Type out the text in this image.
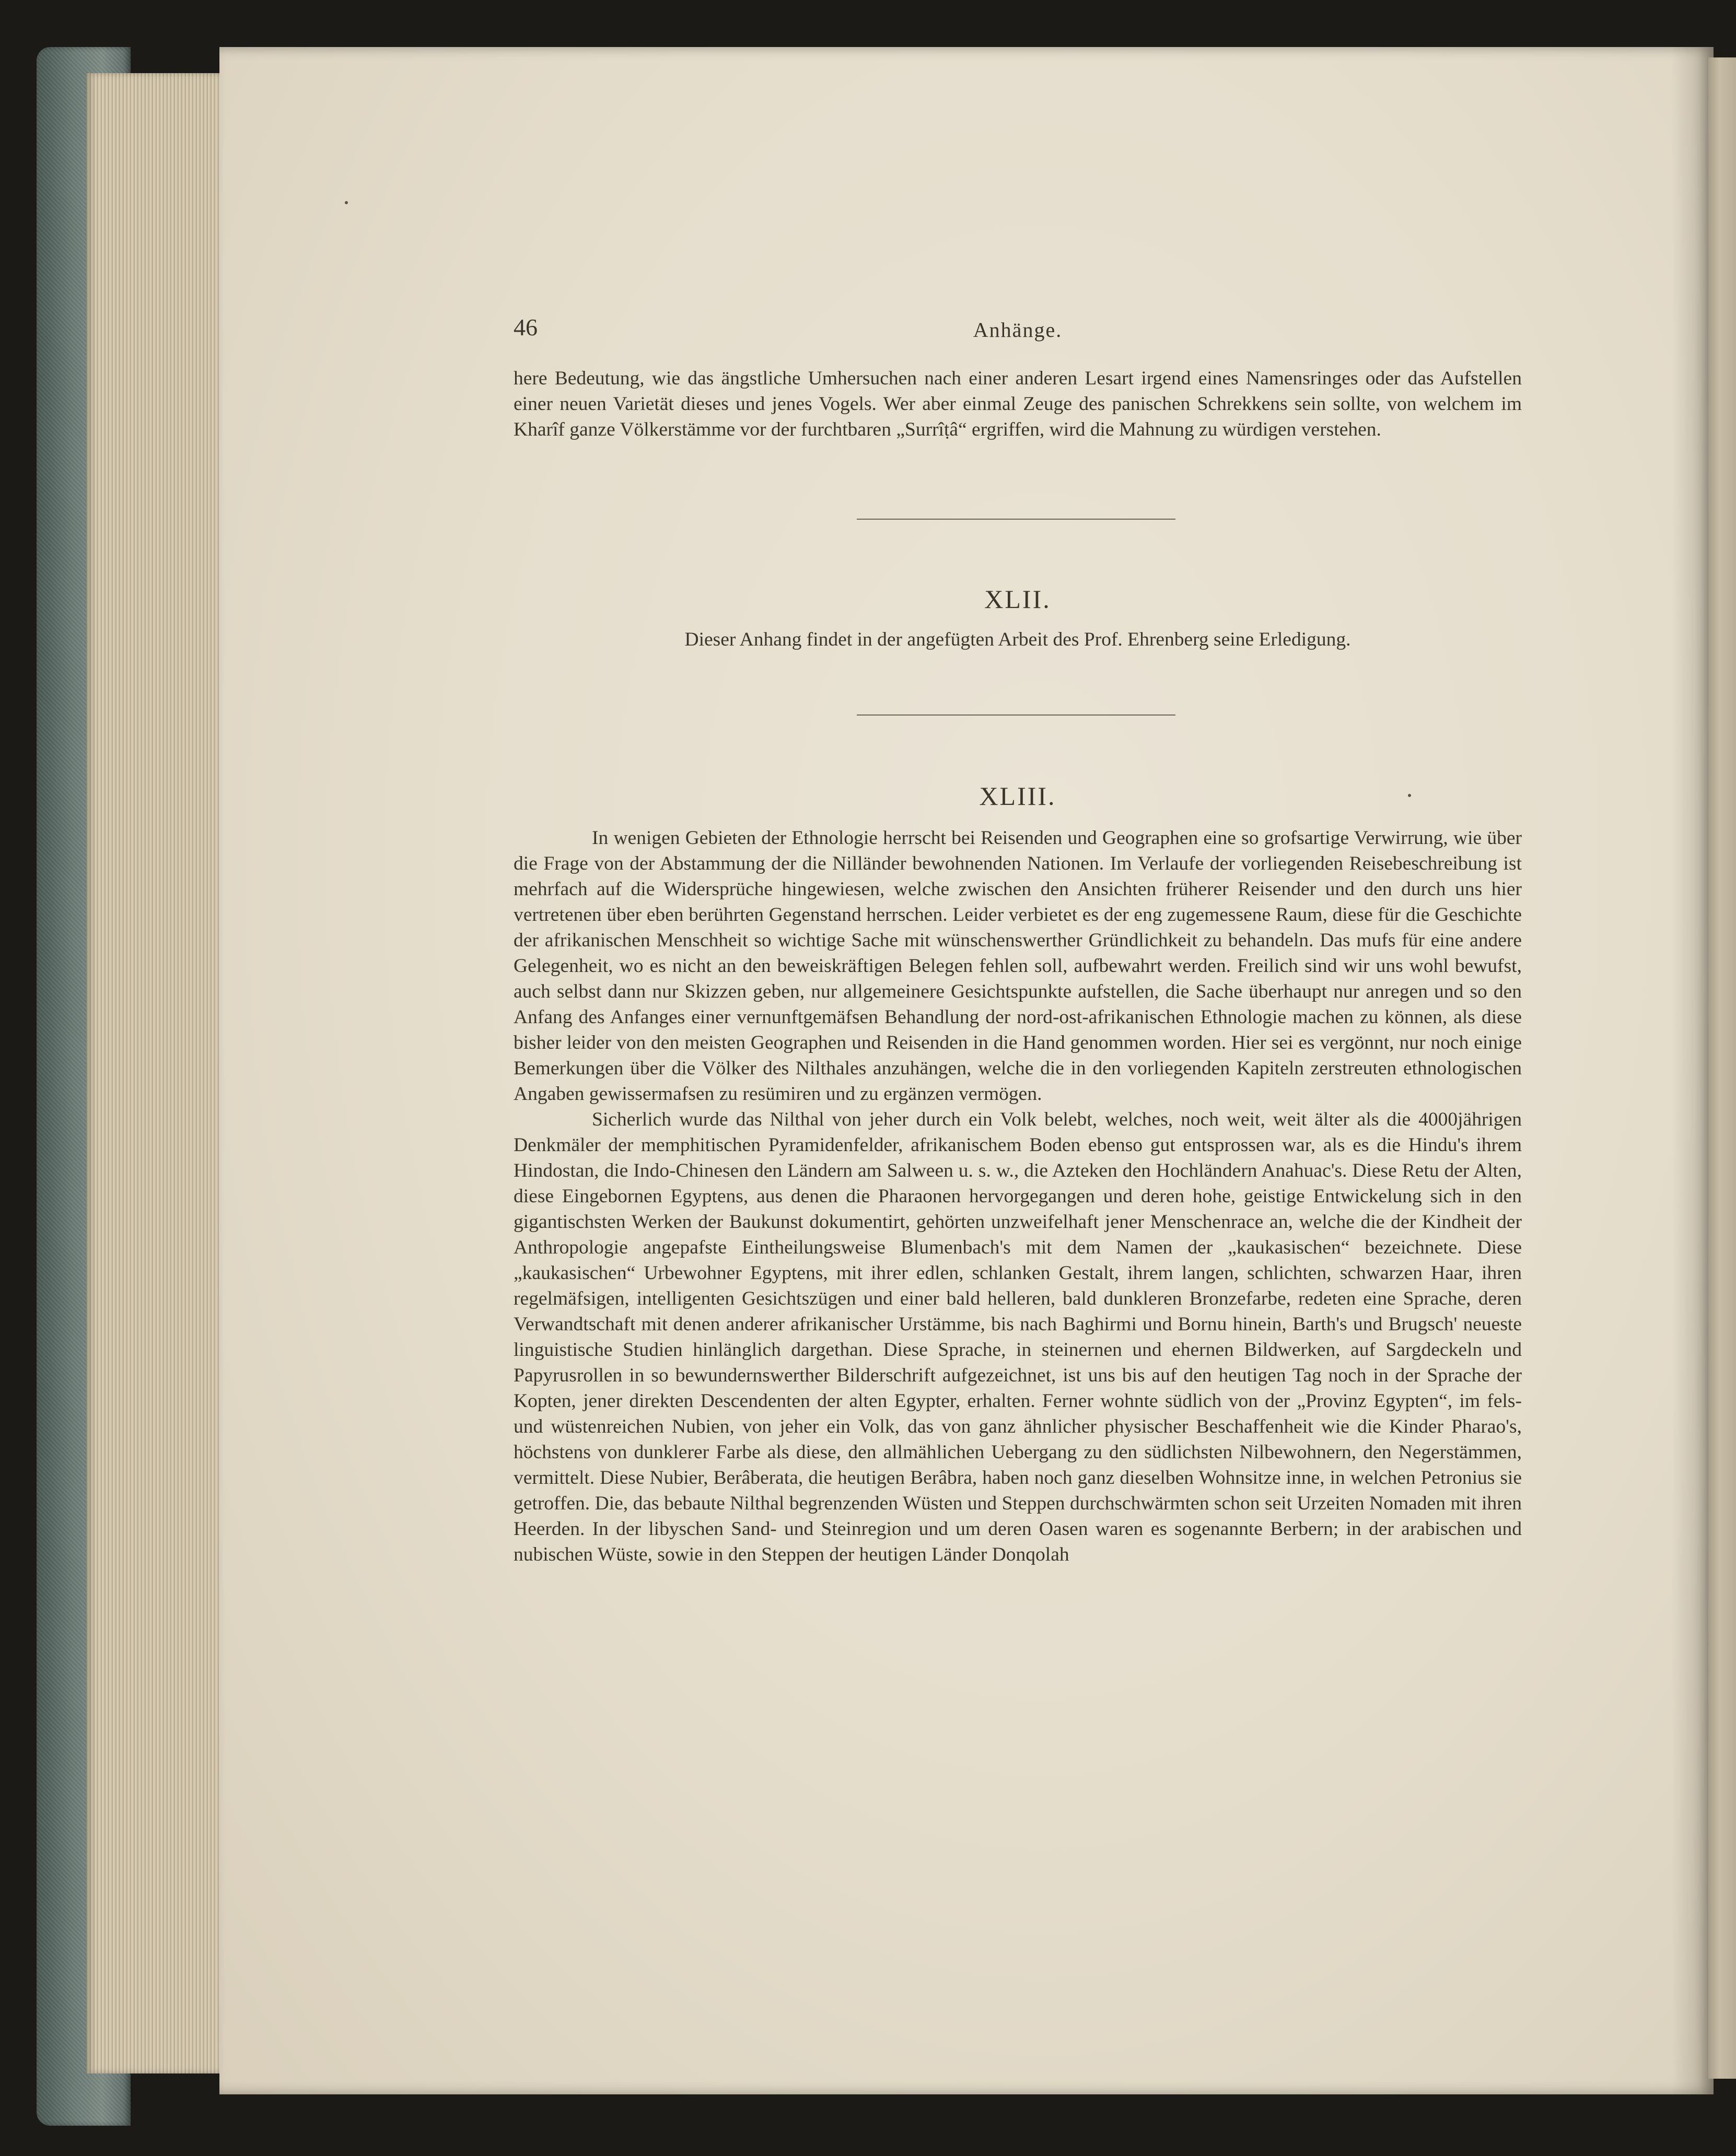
46	Anhänge.

here Bedeutung, wie das ängstliche Umhersuchen nach einer anderen Lesart irgend eines Namensringes oder das Aufstellen einer neuen Varietät dieses und jenes Vogels. Wer aber einmal Zeuge des panischen Schrekkens sein sollte, von welchem im Kharîf ganze Völkerstämme vor der furchtbaren „Surrîṭâ“ ergriffen, wird die Mahnung zu würdigen verstehen.

XLII.
Dieser Anhang findet in der angefügten Arbeit des Prof. Ehrenberg seine Erledigung.
XLIII.

In wenigen Gebieten der Ethnologie herrscht bei Reisenden und Geographen eine so grofsartige Verwirrung, wie über die Frage von der Abstammung der die Nilländer bewohnenden Nationen. Im Verlaufe der vorliegenden Reisebeschreibung ist mehrfach auf die Widersprüche hingewiesen, welche zwischen den Ansichten früherer Reisender und den durch uns hier vertretenen über eben berührten Gegenstand herrschen. Leider verbietet es der eng zugemessene Raum, diese für die Geschichte der afrikanischen Menschheit so wichtige Sache mit wünschenswerther Gründlichkeit zu behandeln. Das mufs für eine andere Gelegenheit, wo es nicht an den beweiskräftigen Belegen fehlen soll, aufbewahrt werden. Freilich sind wir uns wohl bewufst, auch selbst dann nur Skizzen geben, nur allgemeinere Gesichtspunkte aufstellen, die Sache überhaupt nur anregen und so den Anfang des Anfanges einer vernunftgemäfsen Behandlung der nord-ost-afrikanischen Ethnologie machen zu können, als diese bisher leider von den meisten Geographen und Reisenden in die Hand genommen worden. Hier sei es vergönnt, nur noch einige Bemerkungen über die Völker des Nilthales anzuhängen, welche die in den vorliegenden Kapiteln zerstreuten ethnologischen Angaben gewissermafsen zu resümiren und zu ergänzen vermögen.

Sicherlich wurde das Nilthal von jeher durch ein Volk belebt, welches, noch weit, weit älter als die 4000jährigen Denkmäler der memphitischen Pyramidenfelder, afrikanischem Boden ebenso gut entsprossen war, als es die Hindu's ihrem Hindostan, die Indo-Chinesen den Ländern am Salween u. s. w., die Azteken den Hochländern Anahuac's. Diese Retu der Alten, diese Eingebornen Egyptens, aus denen die Pharaonen hervorgegangen und deren hohe, geistige Entwickelung sich in den gigantischsten Werken der Baukunst dokumentirt, gehörten unzweifelhaft jener Menschenrace an, welche die der Kindheit der Anthropologie angepafste Eintheilungsweise Blumenbach's mit dem Namen der „kaukasischen“ bezeichnete. Diese „kaukasischen“ Urbewohner Egyptens, mit ihrer edlen, schlanken Gestalt, ihrem langen, schlichten, schwarzen Haar, ihren regelmäfsigen, intelligenten Gesichtszügen und einer bald helleren, bald dunkleren Bronzefarbe, redeten eine Sprache, deren Verwandtschaft mit denen anderer afrikanischer Urstämme, bis nach Baghirmi und Bornu hinein, Barth's und Brugsch' neueste linguistische Studien hinlänglich dargethan. Diese Sprache, in steinernen und ehernen Bildwerken, auf Sargdeckeln und Papyrusrollen in so bewundernswerther Bilderschrift aufgezeichnet, ist uns bis auf den heutigen Tag noch in der Sprache der Kopten, jener direkten Descendenten der alten Egypter, erhalten. Ferner wohnte südlich von der „Provinz Egypten“, im fels- und wüstenreichen Nubien, von jeher ein Volk, das von ganz ähnlicher physischer Beschaffenheit wie die Kinder Pharao's, höchstens von dunklerer Farbe als diese, den allmählichen Uebergang zu den südlichsten Nilbewohnern, den Negerstämmen, vermittelt. Diese Nubier, Berâberata, die heutigen Berâbra, haben noch ganz dieselben Wohnsitze inne, in welchen Petronius sie getroffen. Die, das bebaute Nilthal begrenzenden Wüsten und Steppen durchschwärmten schon seit Urzeiten Nomaden mit ihren Heerden. In der libyschen Sand- und Steinregion und um deren Oasen waren es sogenannte Berbern; in der arabischen und nubischen Wüste, sowie in den Steppen der heutigen Länder Donqolah
